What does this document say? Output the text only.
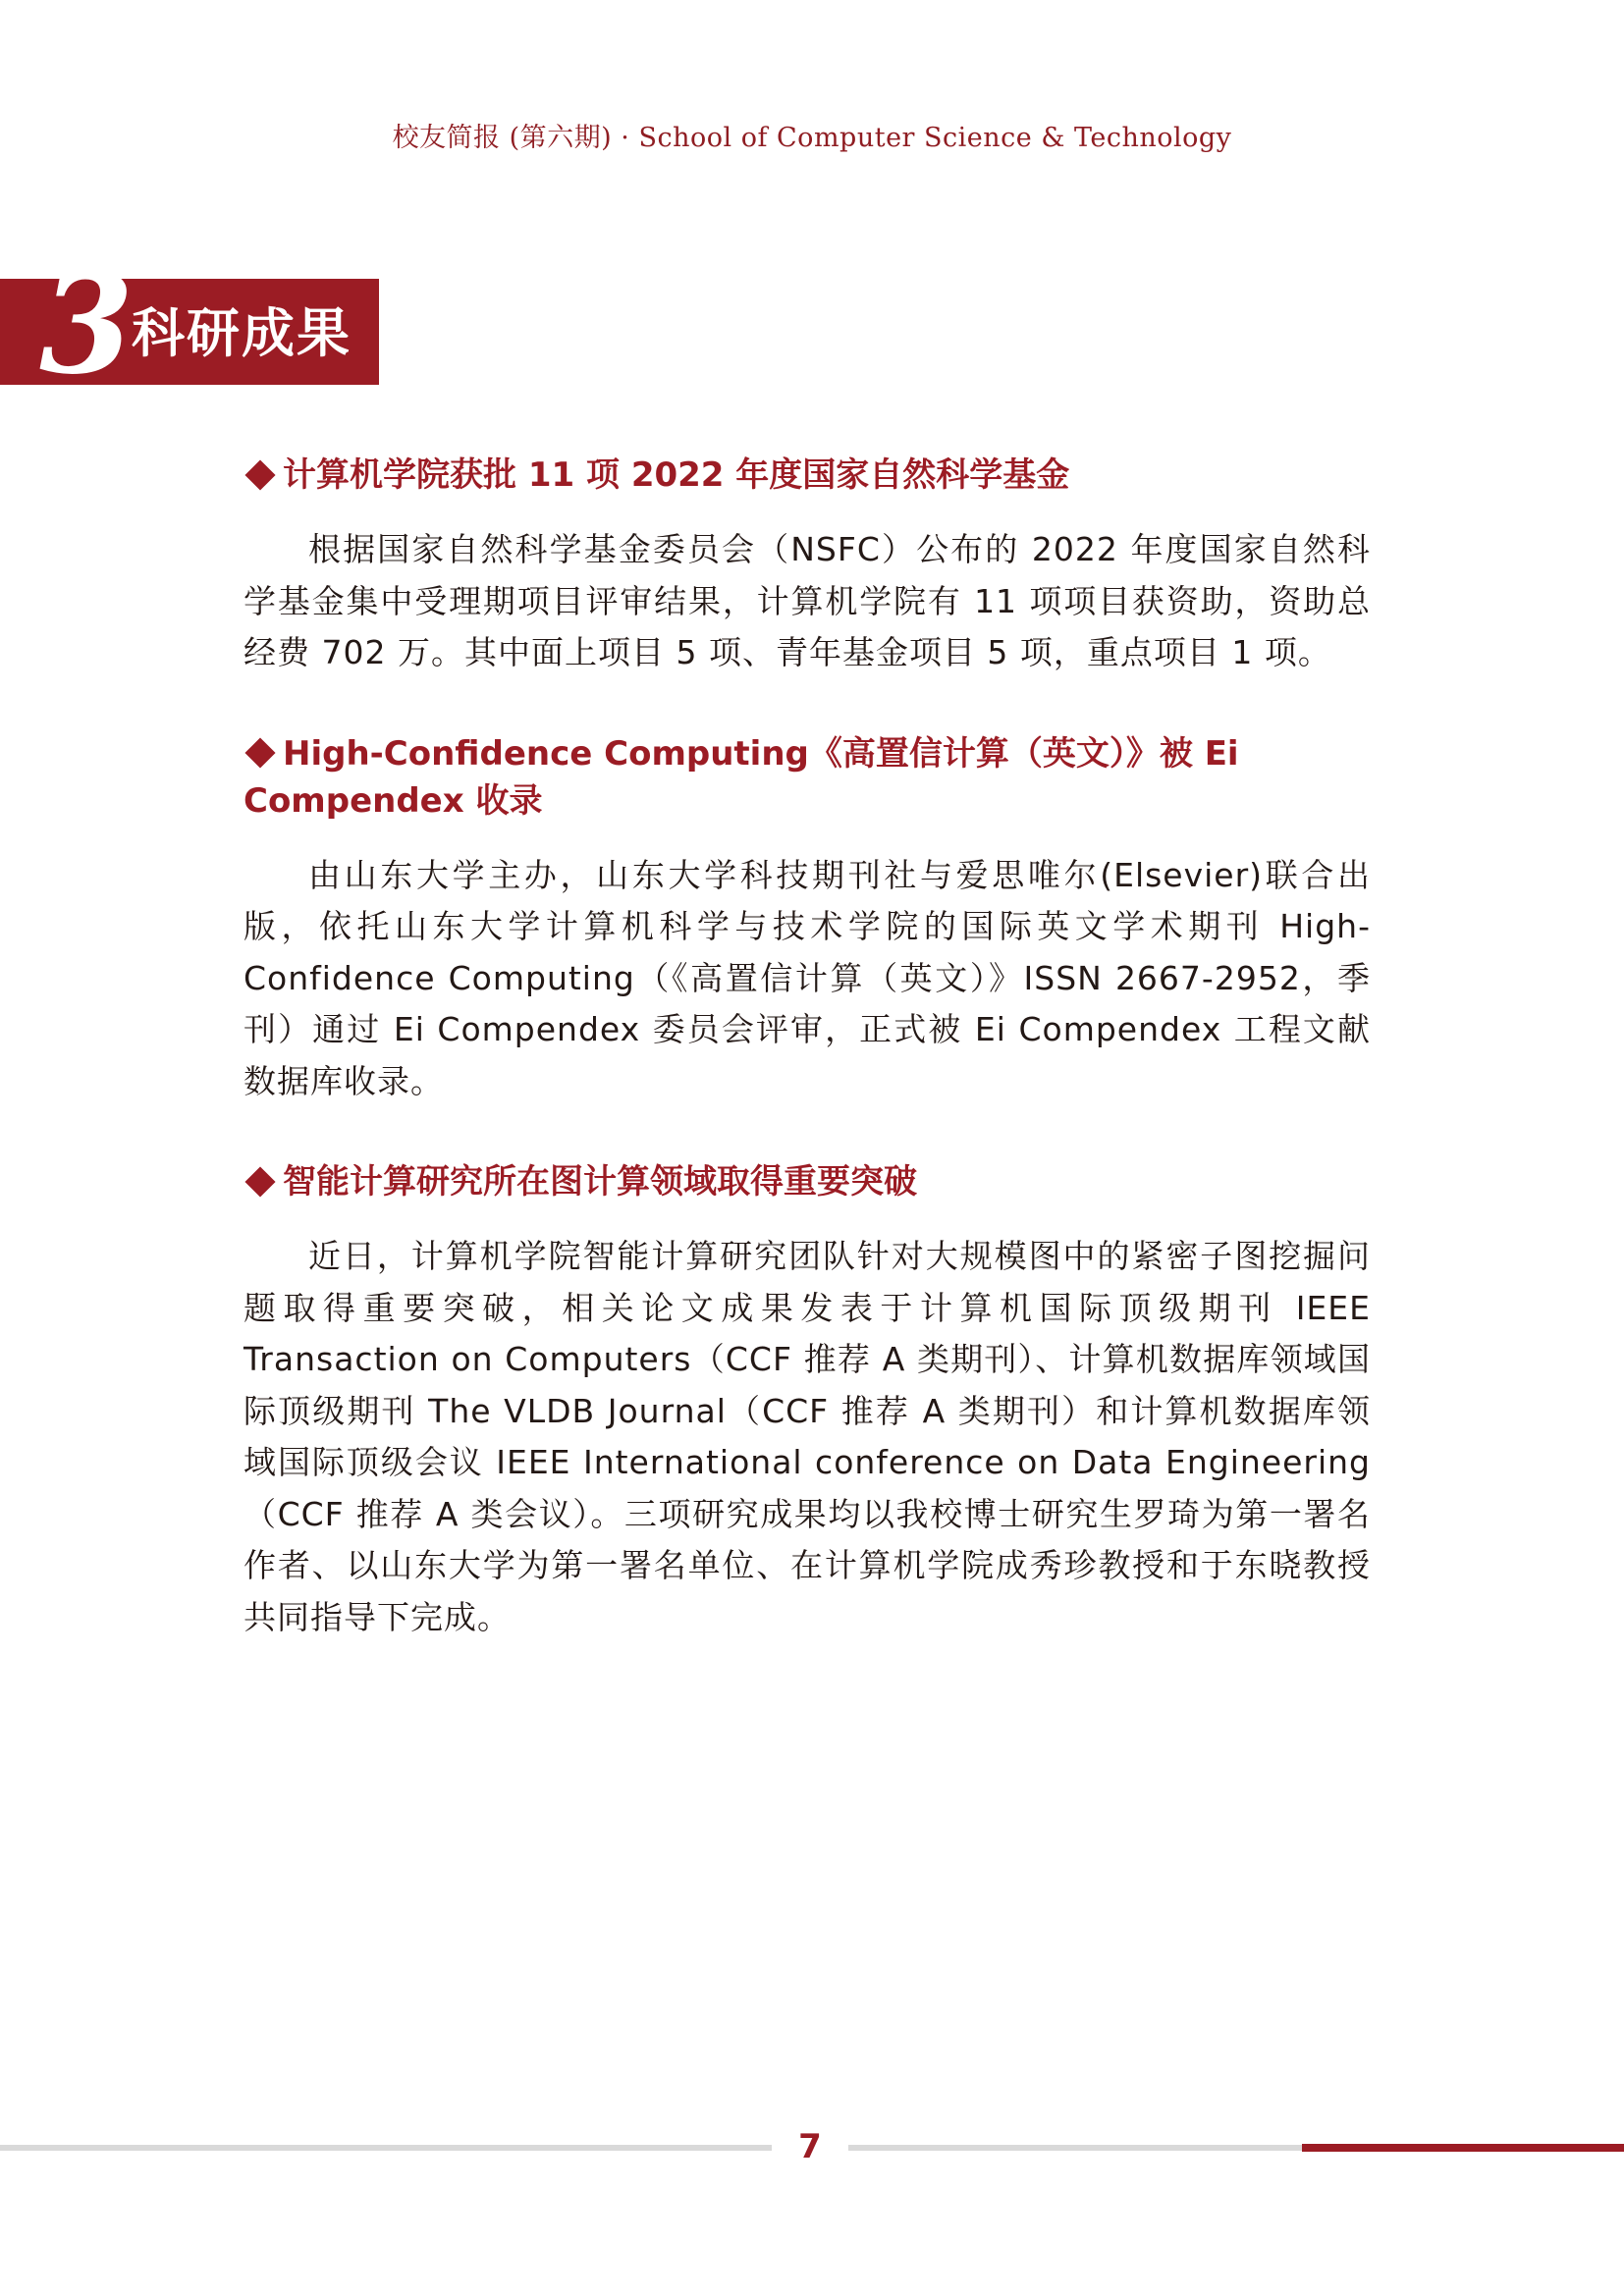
校友简报 (第六期) · School of Computer Science & Technology
3
科研成果
计算机学院获批 11 项 2022 年度国家自然科学基金

根据国家自然科学基金委员会（NSFC）公布的 2022 年度国家自然科学基金集中受理期项目评审结果，计算机学院有 11 项项目获资助，资助总经费 702 万。其中面上项目 5 项、青年基金项目 5 项，重点项目 1 项。

High-Confidence Computing《高置信计算（英文）》被 Ei Compendex 收录

由山东大学主办，山东大学科技期刊社与爱思唯尔(Elsevier)联合出版，依托山东大学计算机科学与技术学院的国际英文学术期刊 High-Confidence Computing（《高置信计算（英文）》ISSN 2667-2952，季刊）通过 Ei Compendex 委员会评审，正式被 Ei Compendex 工程文献数据库收录。

智能计算研究所在图计算领域取得重要突破

近日，计算机学院智能计算研究团队针对大规模图中的紧密子图挖掘问题取得重要突破，相关论文成果发表于计算机国际顶级期刊 IEEE Transaction on Computers（CCF 推荐 A 类期刊）、计算机数据库领域国际顶级期刊 The VLDB Journal（CCF 推荐 A 类期刊）和计算机数据库领域国际顶级会议 IEEE International conference on Data Engineering（CCF 推荐 A 类会议）。三项研究成果均以我校博士研究生罗琦为第一署名作者、以山东大学为第一署名单位、在计算机学院成秀珍教授和于东晓教授共同指导下完成。

7
